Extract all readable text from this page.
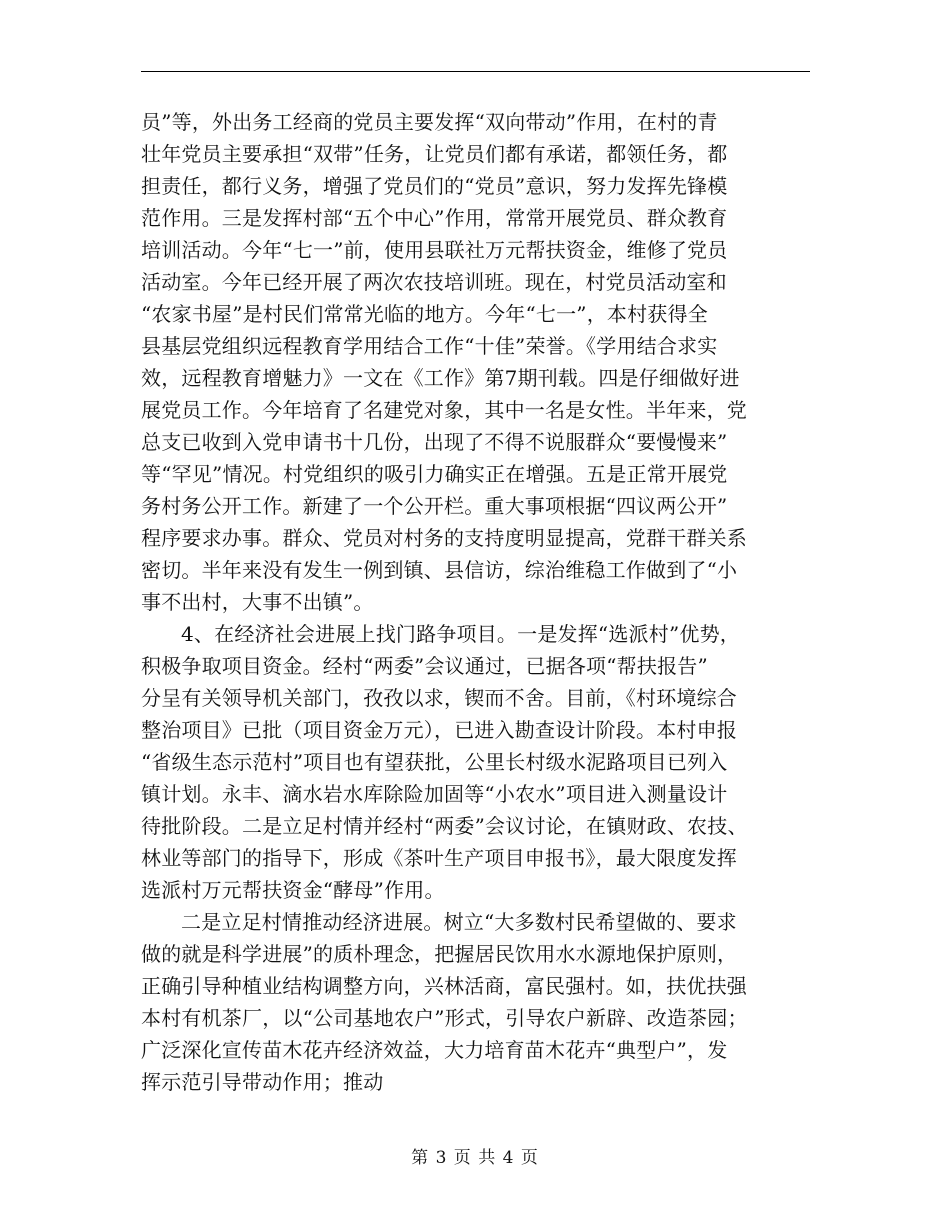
员”等，外出务工经商的党员主要发挥“双向带动”作用，在村的青
壮年党员主要承担“双带”任务，让党员们都有承诺，都领任务，都
担责任，都行义务，增强了党员们的“党员”意识，努力发挥先锋模
范作用。三是发挥村部“五个中心”作用，常常开展党员、群众教育
培训活动。今年“七一”前，使用县联社万元帮扶资金，维修了党员
活动室。今年已经开展了两次农技培训班。现在，村党员活动室和
“农家书屋”是村民们常常光临的地方。今年“七一”，本村获得全
县基层党组织远程教育学用结合工作“十佳”荣誉。《学用结合求实
效，远程教育增魅力》一文在《工作》第7期刊载。四是仔细做好进
展党员工作。今年培育了名建党对象，其中一名是女性。半年来，党
总支已收到入党申请书十几份，出现了不得不说服群众“要慢慢来”
等“罕见”情况。村党组织的吸引力确实正在增强。五是正常开展党
务村务公开工作。新建了一个公开栏。重大事项根据“四议两公开”
程序要求办事。群众、党员对村务的支持度明显提高，党群干群关系
密切。半年来没有发生一例到镇、县信访，综治维稳工作做到了“小
事不出村，大事不出镇”。
4、在经济社会进展上找门路争项目。一是发挥“选派村”优势，
积极争取项目资金。经村“两委”会议通过，已据各项“帮扶报告”
分呈有关领导机关部门，孜孜以求，锲而不舍。目前，《村环境综合
整治项目》已批（项目资金万元），已进入勘查设计阶段。本村申报
“省级生态示范村”项目也有望获批，公里长村级水泥路项目已列入
镇计划。永丰、滴水岩水库除险加固等“小农水”项目进入测量设计
待批阶段。二是立足村情并经村“两委”会议讨论，在镇财政、农技、
林业等部门的指导下，形成《茶叶生产项目申报书》，最大限度发挥
选派村万元帮扶资金“酵母”作用。
二是立足村情推动经济进展。树立“大多数村民希望做的、要求
做的就是科学进展”的质朴理念，把握居民饮用水水源地保护原则，
正确引导种植业结构调整方向，兴林活商，富民强村。如，扶优扶强
本村有机茶厂，以“公司基地农户”形式，引导农户新辟、改造茶园；
广泛深化宣传苗木花卉经济效益，大力培育苗木花卉“典型户”，发
挥示范引导带动作用；推动
第 3 页 共 4 页
